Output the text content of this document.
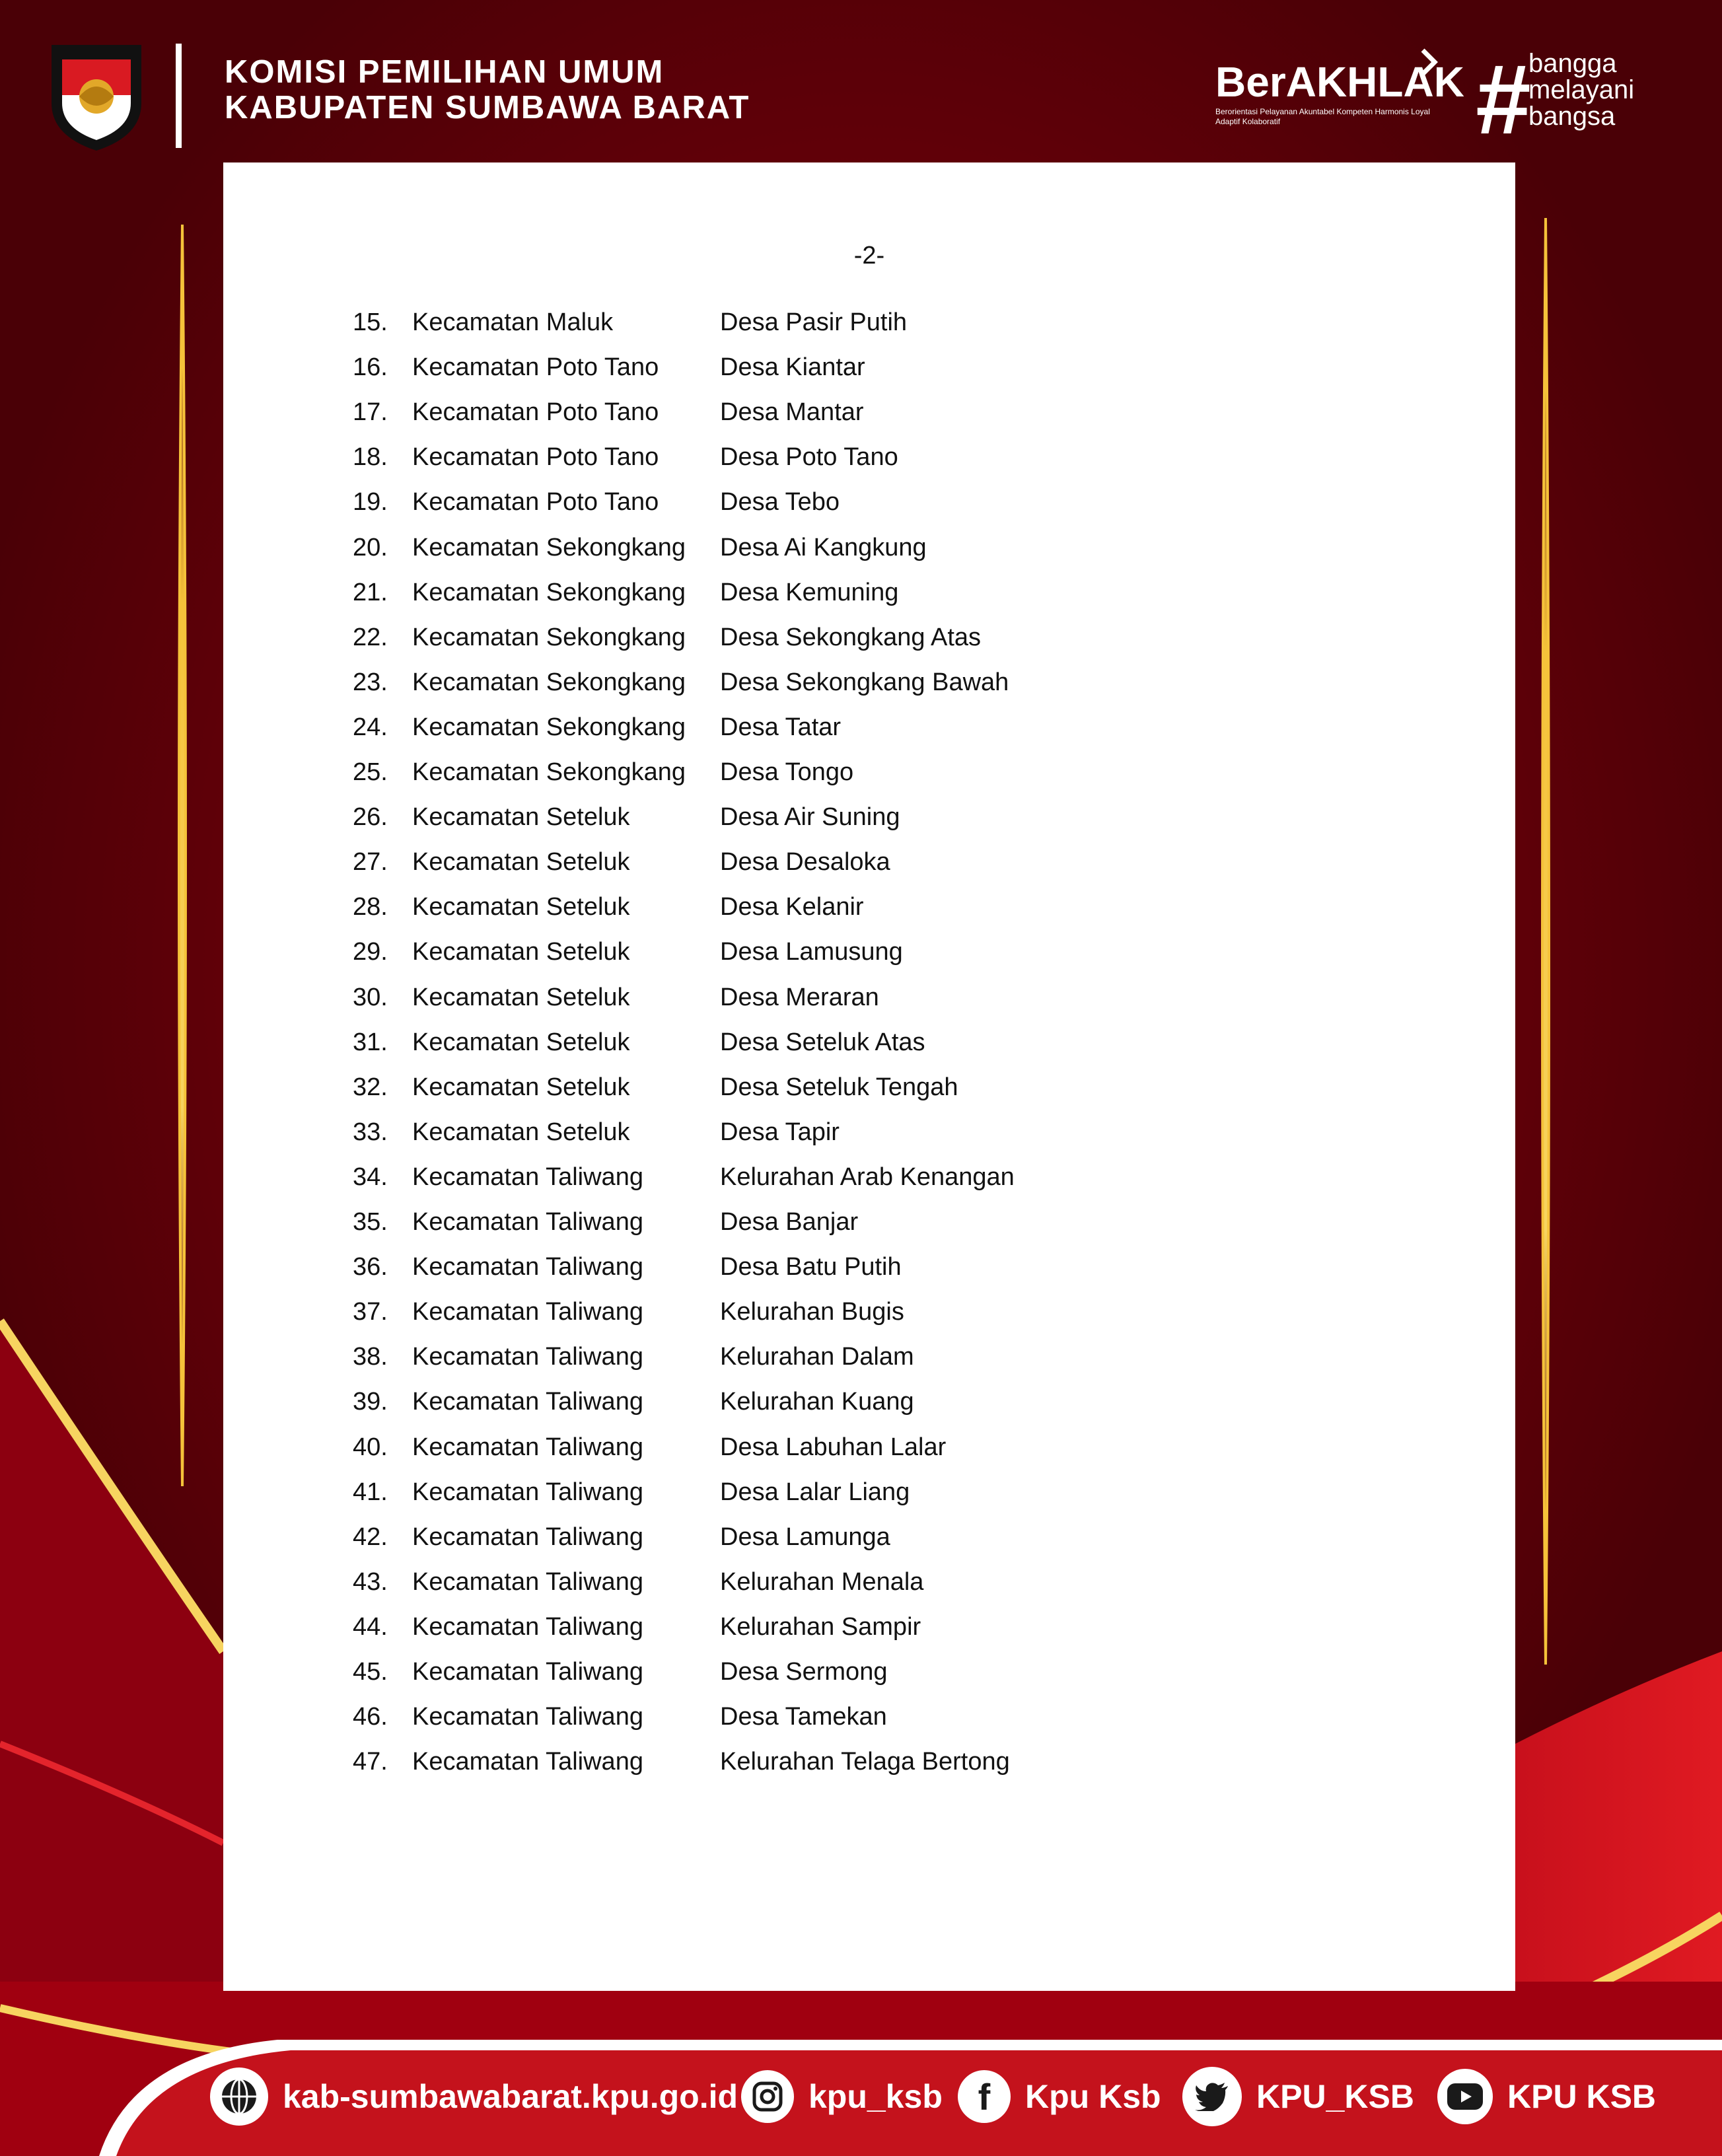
KOMISI PEMILIHAN UMUM
KABUPATEN SUMBAWA BARAT
BerAKHLAK
Berorientasi Pelayanan Akuntabel Kompeten Harmonis Loyal Adaptif Kolaboratif	#
bangga
melayani
bangsa
-2-
15. Kecamatan Maluk	Desa Pasir Putih
16. Kecamatan Poto Tano Desa Kiantar
17. Kecamatan Poto Tano Desa Mantar
18. Kecamatan Poto Tano Desa Poto Tano
19. Kecamatan Poto Tano Desa Tebo
20. Kecamatan Sekongkang Desa Ai Kangkung
21. Kecamatan Sekongkang Desa Kemuning
22. Kecamatan Sekongkang Desa Sekongkang Atas
23. Kecamatan Sekongkang Desa Sekongkang Bawah
24. Kecamatan Sekongkang Desa Tatar
25. Kecamatan Sekongkang Desa Tongo
26. Kecamatan Seteluk	Desa Air Suning
27. Kecamatan Seteluk	Desa Desaloka
28. Kecamatan Seteluk	Desa Kelanir
29. Kecamatan Seteluk	Desa Lamusung
30. Kecamatan Seteluk	Desa Meraran
31. Kecamatan Seteluk	Desa Seteluk Atas
32. Kecamatan Seteluk	Desa Seteluk Tengah
33. Kecamatan Seteluk	Desa Tapir
34. Kecamatan Taliwang	Kelurahan Arab Kenangan
35. Kecamatan Taliwang	Desa Banjar
36. Kecamatan Taliwang	Desa Batu Putih
37. Kecamatan Taliwang	Kelurahan Bugis
38. Kecamatan Taliwang	Kelurahan Dalam
39. Kecamatan Taliwang	Kelurahan Kuang
40. Kecamatan Taliwang	Desa Labuhan Lalar
41. Kecamatan Taliwang	Desa Lalar Liang
42. Kecamatan Taliwang	Desa Lamunga
43. Kecamatan Taliwang	Kelurahan Menala
44. Kecamatan Taliwang	Kelurahan Sampir
45. Kecamatan Taliwang	Desa Sermong
46. Kecamatan Taliwang	Desa Tamekan
47. Kecamatan Taliwang	Kelurahan Telaga Bertong
kab-sumbawabarat.kpu.go.id kpu_ksb f	Kpu Ksb	KPU_KSB	KPU KSB
